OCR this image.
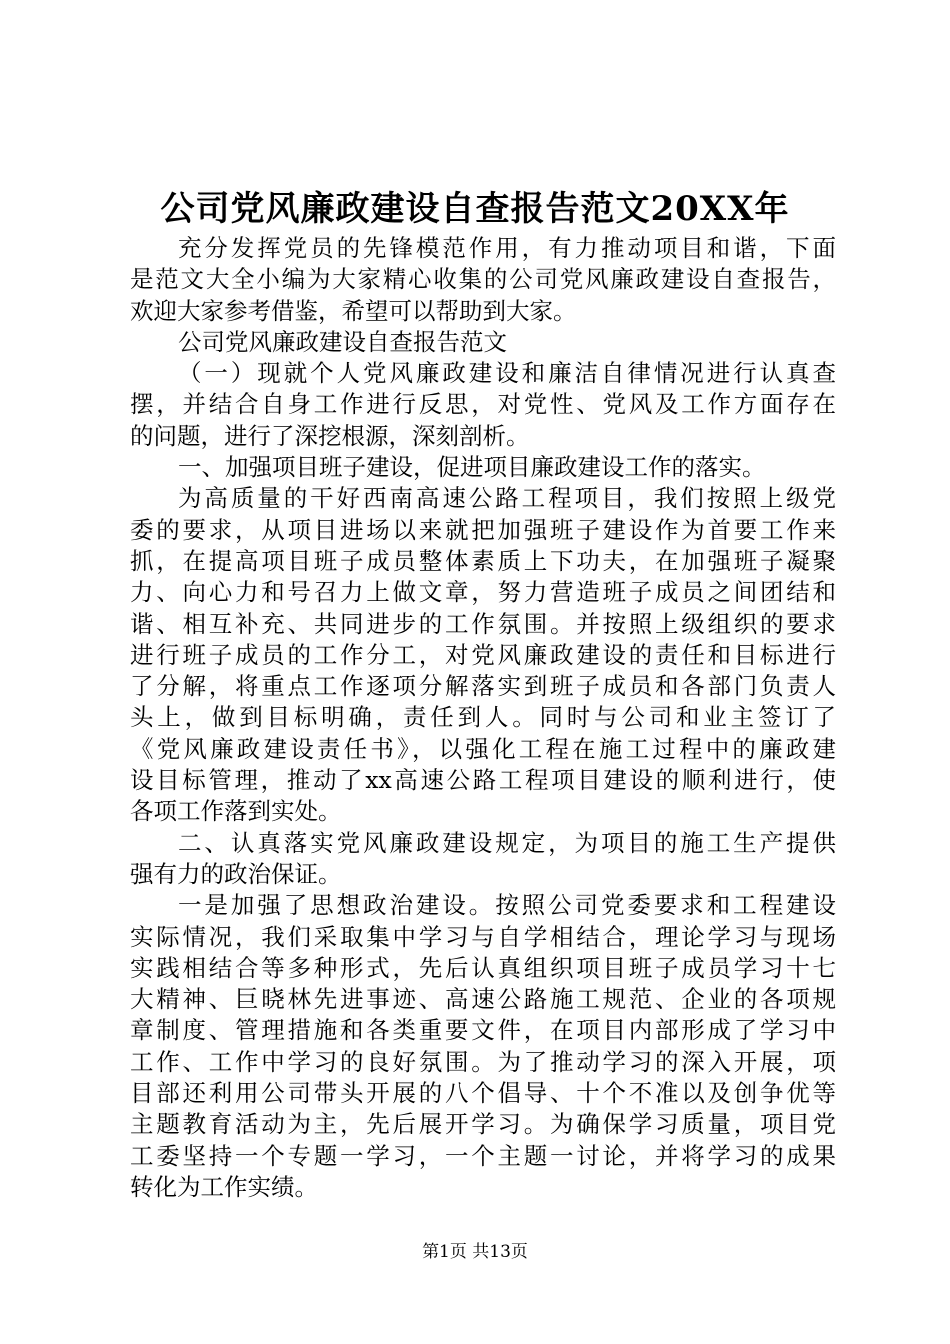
公司党风廉政建设自查报告范文20XX年
充分发挥党员的先锋模范作用，有力推动项目和谐，下面
是范文大全小编为大家精心收集的公司党风廉政建设自查报告，
欢迎大家参考借鉴，希望可以帮助到大家。
公司党风廉政建设自查报告范文
（一）现就个人党风廉政建设和廉洁自律情况进行认真查
摆，并结合自身工作进行反思，对党性、党风及工作方面存在
的问题，进行了深挖根源，深刻剖析。
一、加强项目班子建设，促进项目廉政建设工作的落实。
为高质量的干好西南高速公路工程项目，我们按照上级党
委的要求，从项目进场以来就把加强班子建设作为首要工作来
抓，在提高项目班子成员整体素质上下功夫，在加强班子凝聚
力、向心力和号召力上做文章，努力营造班子成员之间团结和
谐、相互补充、共同进步的工作氛围。并按照上级组织的要求
进行班子成员的工作分工，对党风廉政建设的责任和目标进行
了分解，将重点工作逐项分解落实到班子成员和各部门负责人
头上，做到目标明确，责任到人。同时与公司和业主签订了
《党风廉政建设责任书》，以强化工程在施工过程中的廉政建
设目标管理，推动了xx高速公路工程项目建设的顺利进行，使
各项工作落到实处。
二、认真落实党风廉政建设规定，为项目的施工生产提供
强有力的政治保证。
一是加强了思想政治建设。按照公司党委要求和工程建设
实际情况，我们采取集中学习与自学相结合，理论学习与现场
实践相结合等多种形式，先后认真组织项目班子成员学习十七
大精神、巨晓林先进事迹、高速公路施工规范、企业的各项规
章制度、管理措施和各类重要文件，在项目内部形成了学习中
工作、工作中学习的良好氛围。为了推动学习的深入开展，项
目部还利用公司带头开展的八个倡导、十个不准以及创争优等
主题教育活动为主，先后展开学习。为确保学习质量，项目党
工委坚持一个专题一学习，一个主题一讨论，并将学习的成果
转化为工作实绩。
第1页 共13页
